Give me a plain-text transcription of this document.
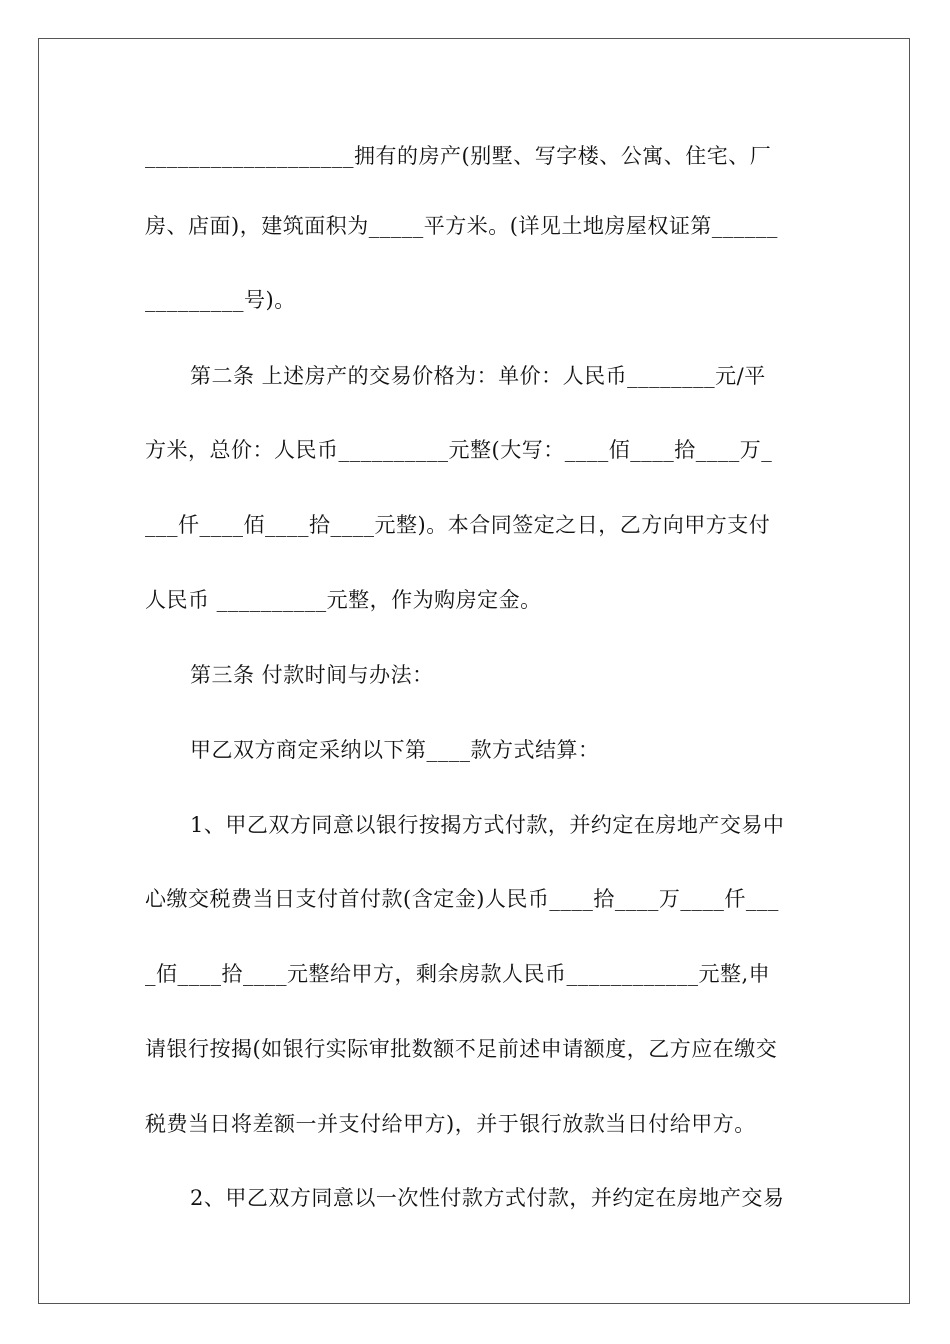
___________________拥有的房产(别墅、写字楼、公寓、住宅、厂
房、店面)，建筑面积为_____平方米。(详见土地房屋权证第______
_________号)。
第二条 上述房产的交易价格为：单价：人民币________元/平
方米，总价：人民币__________元整(大写：____佰____拾____万_
___仟____佰____拾____元整)。本合同签定之日，乙方向甲方支付
人民币 __________元整，作为购房定金。
第三条 付款时间与办法：
甲乙双方商定采纳以下第____款方式结算：
1、甲乙双方同意以银行按揭方式付款，并约定在房地产交易中
心缴交税费当日支付首付款(含定金)人民币____拾____万____仟___
_佰____拾____元整给甲方，剩余房款人民币____________元整,申
请银行按揭(如银行实际审批数额不足前述申请额度，乙方应在缴交
税费当日将差额一并支付给甲方)，并于银行放款当日付给甲方。
2、甲乙双方同意以一次性付款方式付款，并约定在房地产交易
